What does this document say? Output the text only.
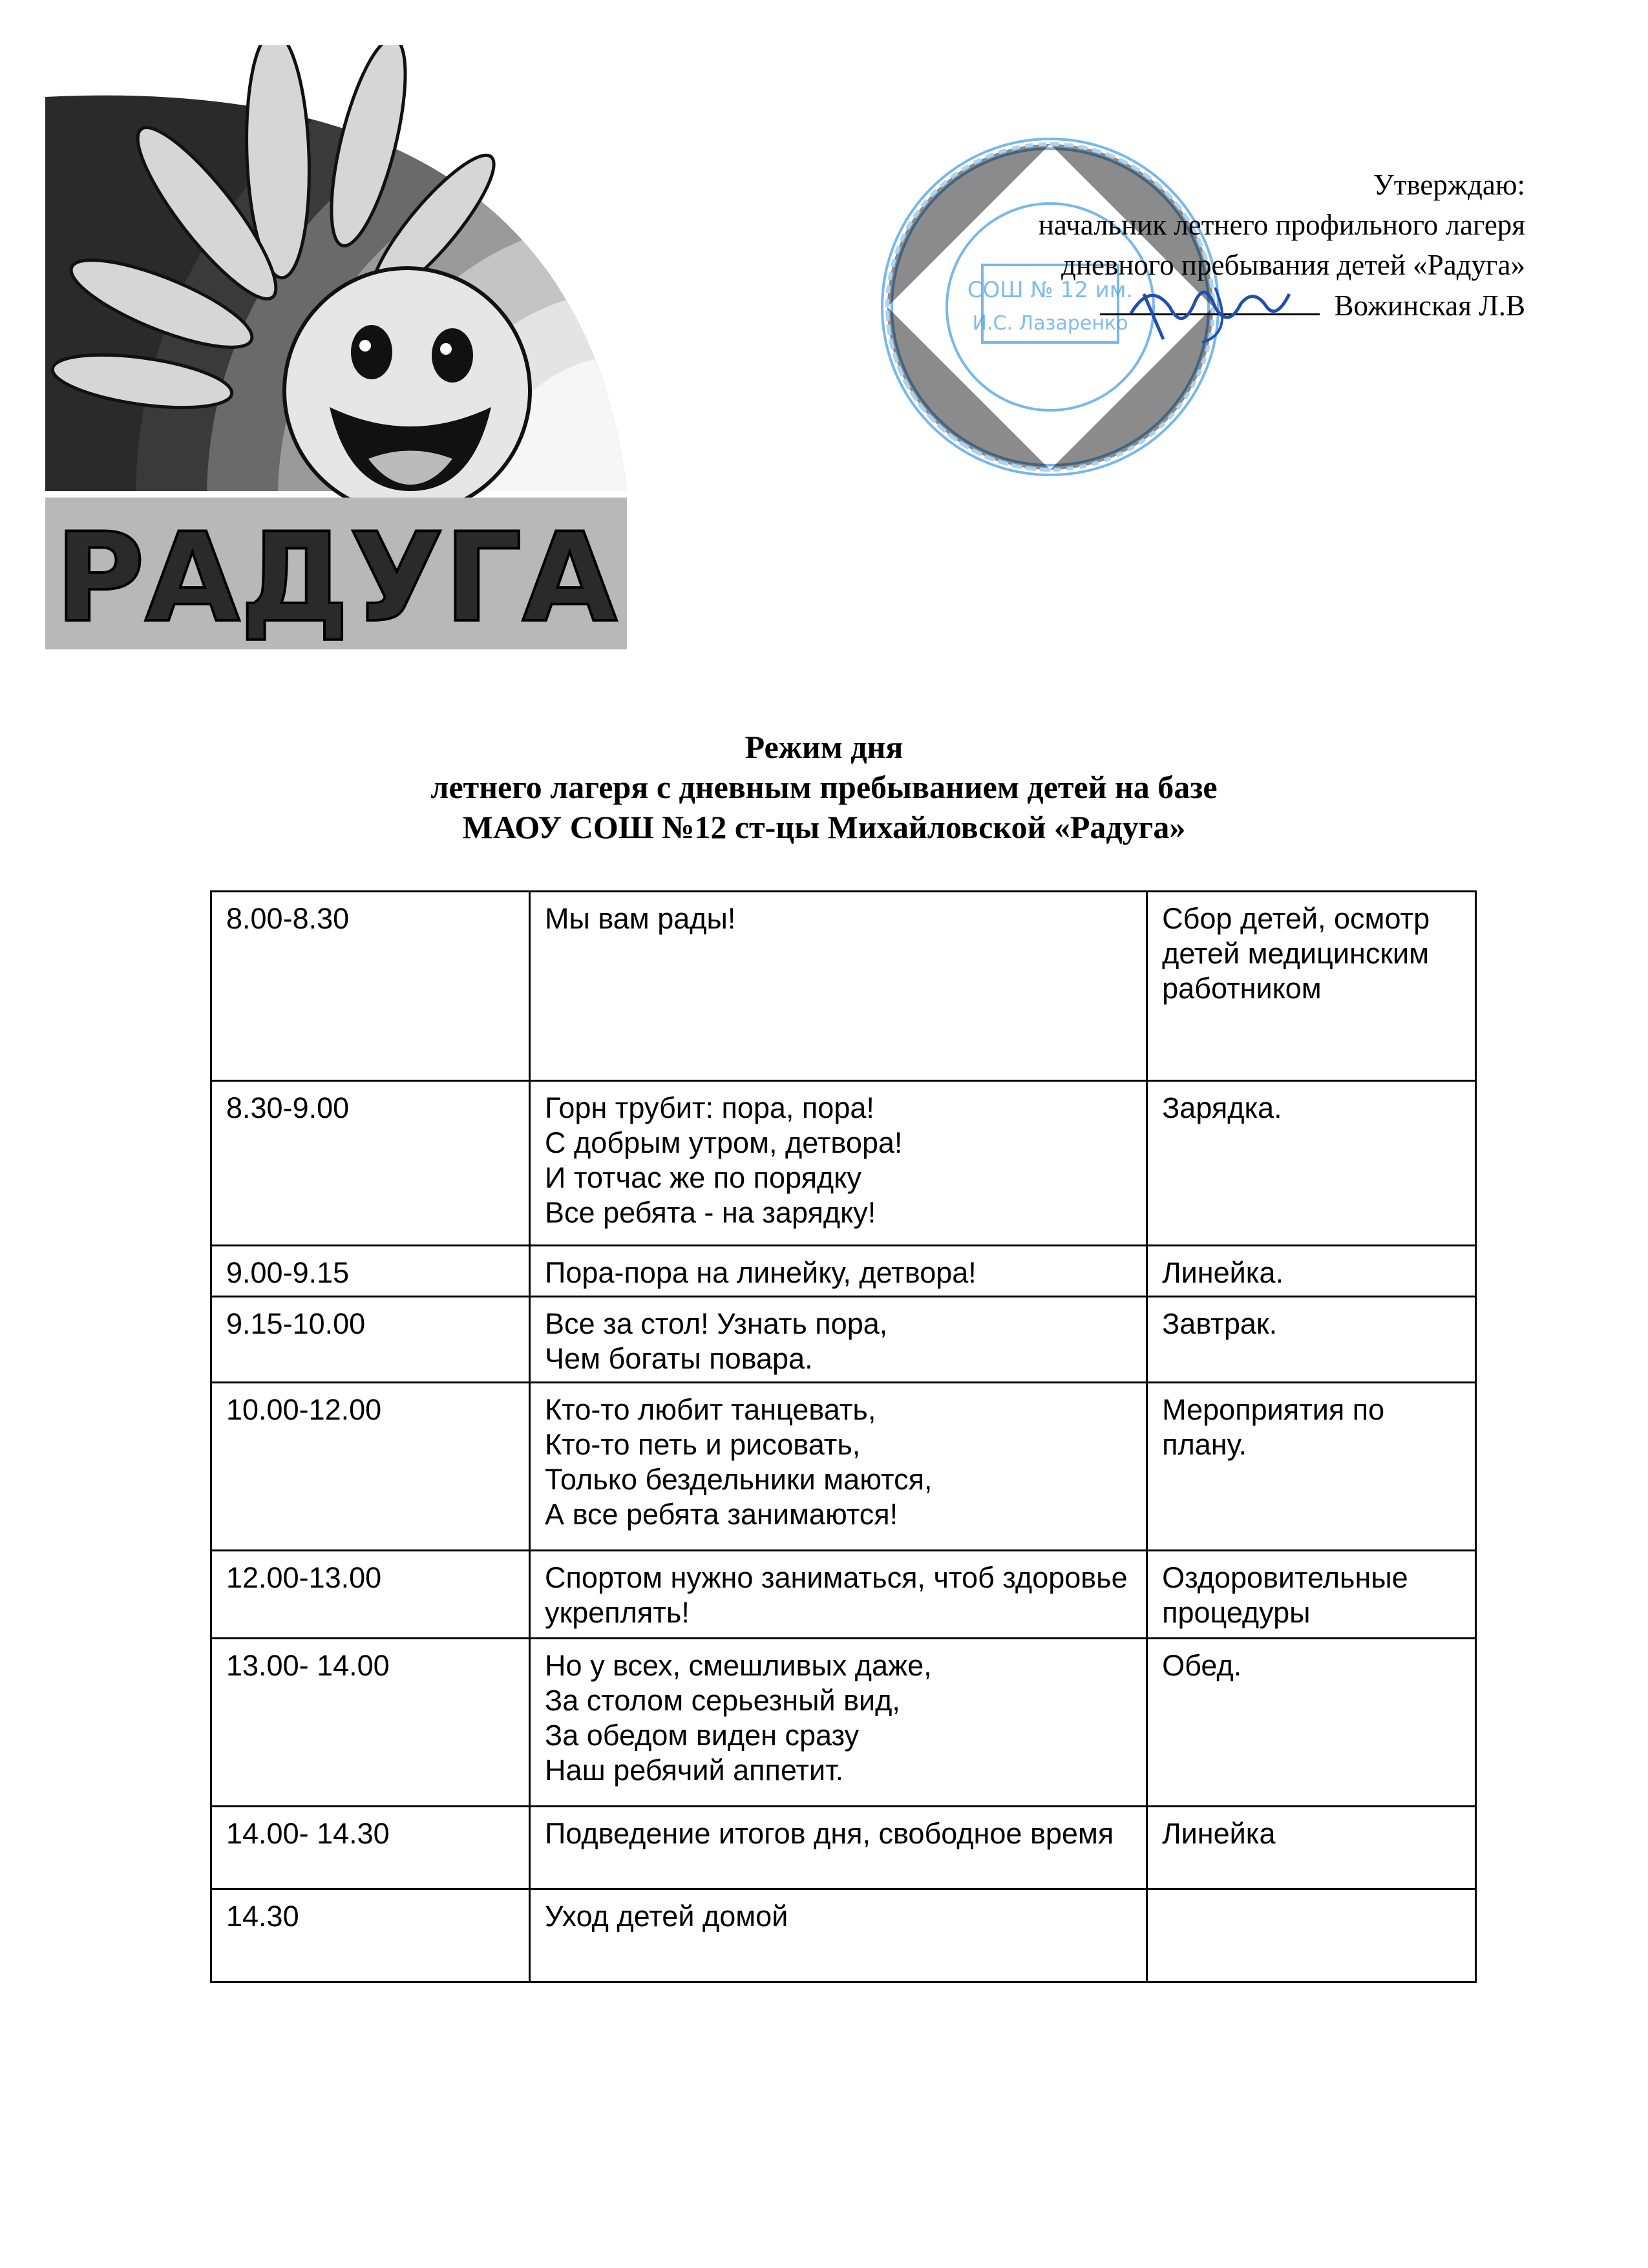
РАДУГА
СОШ № 12 им.
И.С. Лазаренко
Утверждаю:
начальник летнего профильного лагеря
дневного пребывания детей «Радуга»
Вожинская Л.В
Режим дня
летнего лагеря с дневным пребыванием детей на базе
МАОУ СОШ №12 ст-цы Михайловской «Радуга»
8.00-8.30	Мы вам рады!	Сбор детей, осмотр детей медицинским работником
8.30-9.00	Горн трубит: пора, пора!
С добрым утром, детвора!
И тотчас же по порядку
Все ребята - на зарядку!	Зарядка.
9.00-9.15	Пора-пора на линейку, детвора!	Линейка.
9.15-10.00	Все за стол! Узнать пора,
Чем богаты повара.	Завтрак.
10.00-12.00	Кто-то любит танцевать,
Кто-то петь и рисовать,
Только бездельники маются,
А все ребята занимаются!	Мероприятия по плану.
12.00-13.00	Спортом нужно заниматься, чтоб здоровье укреплять!	Оздоровительные процедуры
13.00- 14.00	Но у всех, смешливых даже,
За столом серьезный вид,
За обедом виден сразу
Наш ребячий аппетит.	Обед.
14.00- 14.30	Подведение итогов дня, свободное время	Линейка
14.30	Уход детей домой	
